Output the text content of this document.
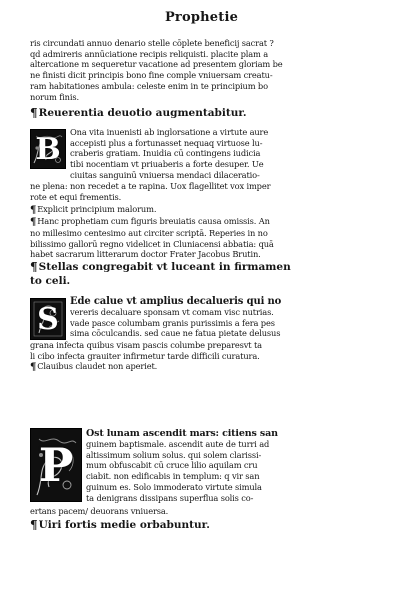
Prophetie
ris circundati annuo denario stelle cōplete beneficij sacrat ?
qd admireris annūciatione recipis reliquisti. placite plam a
altercatione m sequeretur vacatione ad presentem gloriam be
ne finisti dicit principis bono fine comple vniuersam creatu-
ram habitationes ambula: celeste enim in te principium bo
norum finis.
¶Reuerentia deuotio augmentabitur.
B Ona vita inuenisti ab inglorsatione a virtute aure
accepisti plus a fortunasset nequaq virtuose lu-
craberis gratiam. Inuidia cū contingens iudicia
tibi nocentiam vt priuaberis a forte desuper. Ue
ciuitas sanguinū vniuersa mendaci dilaceratio-
ne plena: non recedet a te rapina. Uox flagellitet vox imper
rote et equi frementis.
¶Explicit principium malorum.
¶Hanc prophetiam cum figuris breuiatis causa omissis. An
no millesimo centesimo aut circiter scriptā. Reperies in no
bilissimo gallorū regno videlicet in Cluniacensi abbatia: quā
habet sacrarum litterarum doctor Frater Jacobus Brutin.
¶Stellas congregabit vt luceant in firmamen
to celi.
S Ede calue vt amplius decalueris qui no
vereris decaluare sponsam vt comam visc nutrias.
vade pasce columbam granis purissimis a fera pes
sima cōculcandis. sed caue ne fatua pietate delusus
grana infecta quibus visam pascis columbe preparesvt ta
li cibo infecta grauiter infirmetur tarde difficili curatura.
¶Clauibus claudet non aperiet.
P
Ost lunam ascendit mars: citiens san
guinem baptismale. ascendit aute de turri ad
altissimum solium solus. qui solem clarissi-
mum obfuscabit cū cruce lilio aquilam cru
ciabit. non edificabis in templum: q vir san
guinum es. Solo immoderato virtute simula
ta denigrans dissipans superflua solis co-
ertans pacem/ deuorans vniuersa.
¶Uiri fortis medie orbabuntur.
